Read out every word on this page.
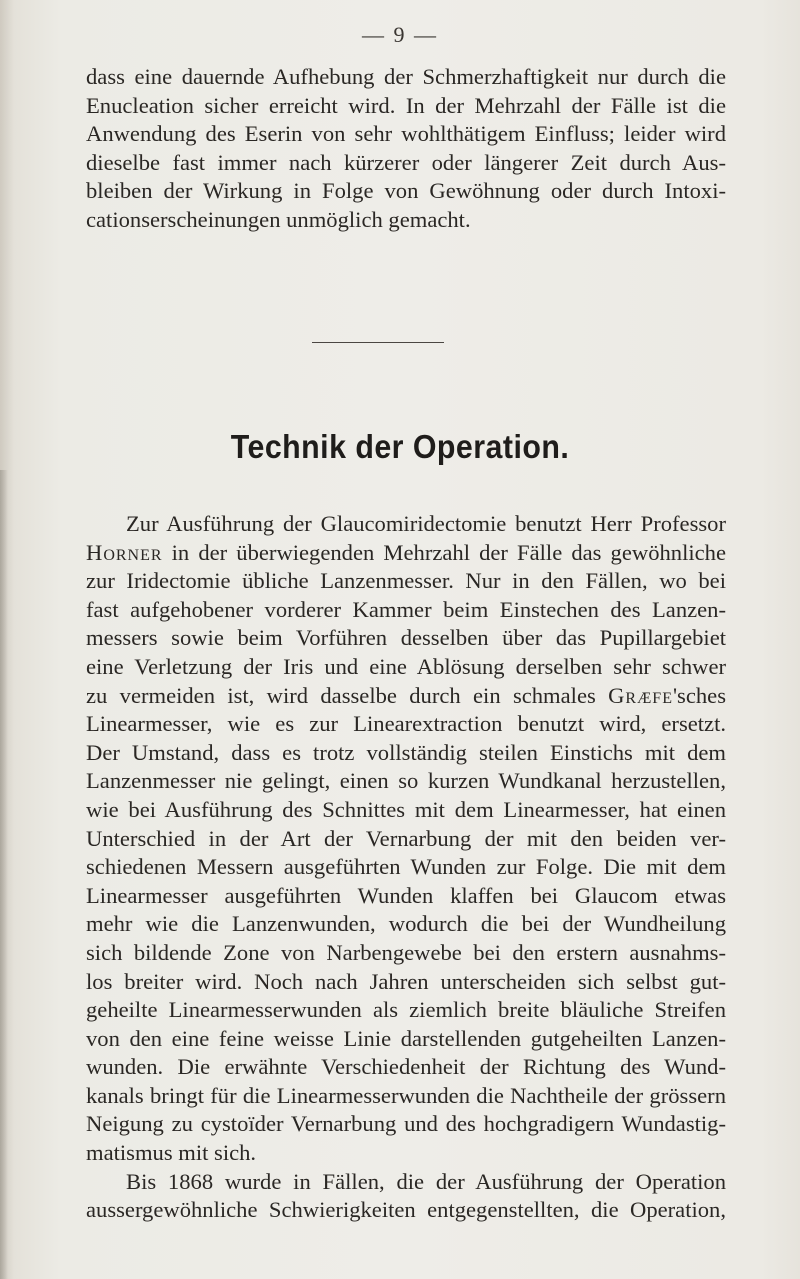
— 9 —
dass eine dauernde Aufhebung der Schmerzhaftigkeit nur durch die
Enucleation sicher erreicht wird. In der Mehrzahl der Fälle ist die
Anwendung des Eserin von sehr wohlthätigem Einfluss; leider wird
dieselbe fast immer nach kürzerer oder längerer Zeit durch Aus-
bleiben der Wirkung in Folge von Gewöhnung oder durch Intoxi-
cationserscheinungen unmöglich gemacht.
Technik der Operation.
Zur Ausführung der Glaucomiridectomie benutzt Herr Professor
Horner in der überwiegenden Mehrzahl der Fälle das gewöhnliche
zur Iridectomie übliche Lanzenmesser. Nur in den Fällen, wo bei
fast aufgehobener vorderer Kammer beim Einstechen des Lanzen-
messers sowie beim Vorführen desselben über das Pupillargebiet
eine Verletzung der Iris und eine Ablösung derselben sehr schwer
zu vermeiden ist, wird dasselbe durch ein schmales Græfe'sches
Linearmesser, wie es zur Linearextraction benutzt wird, ersetzt.
Der Umstand, dass es trotz vollständig steilen Einstichs mit dem
Lanzenmesser nie gelingt, einen so kurzen Wundkanal herzustellen,
wie bei Ausführung des Schnittes mit dem Linearmesser, hat einen
Unterschied in der Art der Vernarbung der mit den beiden ver-
schiedenen Messern ausgeführten Wunden zur Folge. Die mit dem
Linearmesser ausgeführten Wunden klaffen bei Glaucom etwas
mehr wie die Lanzenwunden, wodurch die bei der Wundheilung
sich bildende Zone von Narbengewebe bei den erstern ausnahms-
los breiter wird. Noch nach Jahren unterscheiden sich selbst gut-
geheilte Linearmesserwunden als ziemlich breite bläuliche Streifen
von den eine feine weisse Linie darstellenden gutgeheilten Lanzen-
wunden. Die erwähnte Verschiedenheit der Richtung des Wund-
kanals bringt für die Linearmesserwunden die Nachtheile der grössern
Neigung zu cystoïder Vernarbung und des hochgradigern Wundastig-
matismus mit sich.
Bis 1868 wurde in Fällen, die der Ausführung der Operation
aussergewöhnliche Schwierigkeiten entgegenstellten, die Operation,
